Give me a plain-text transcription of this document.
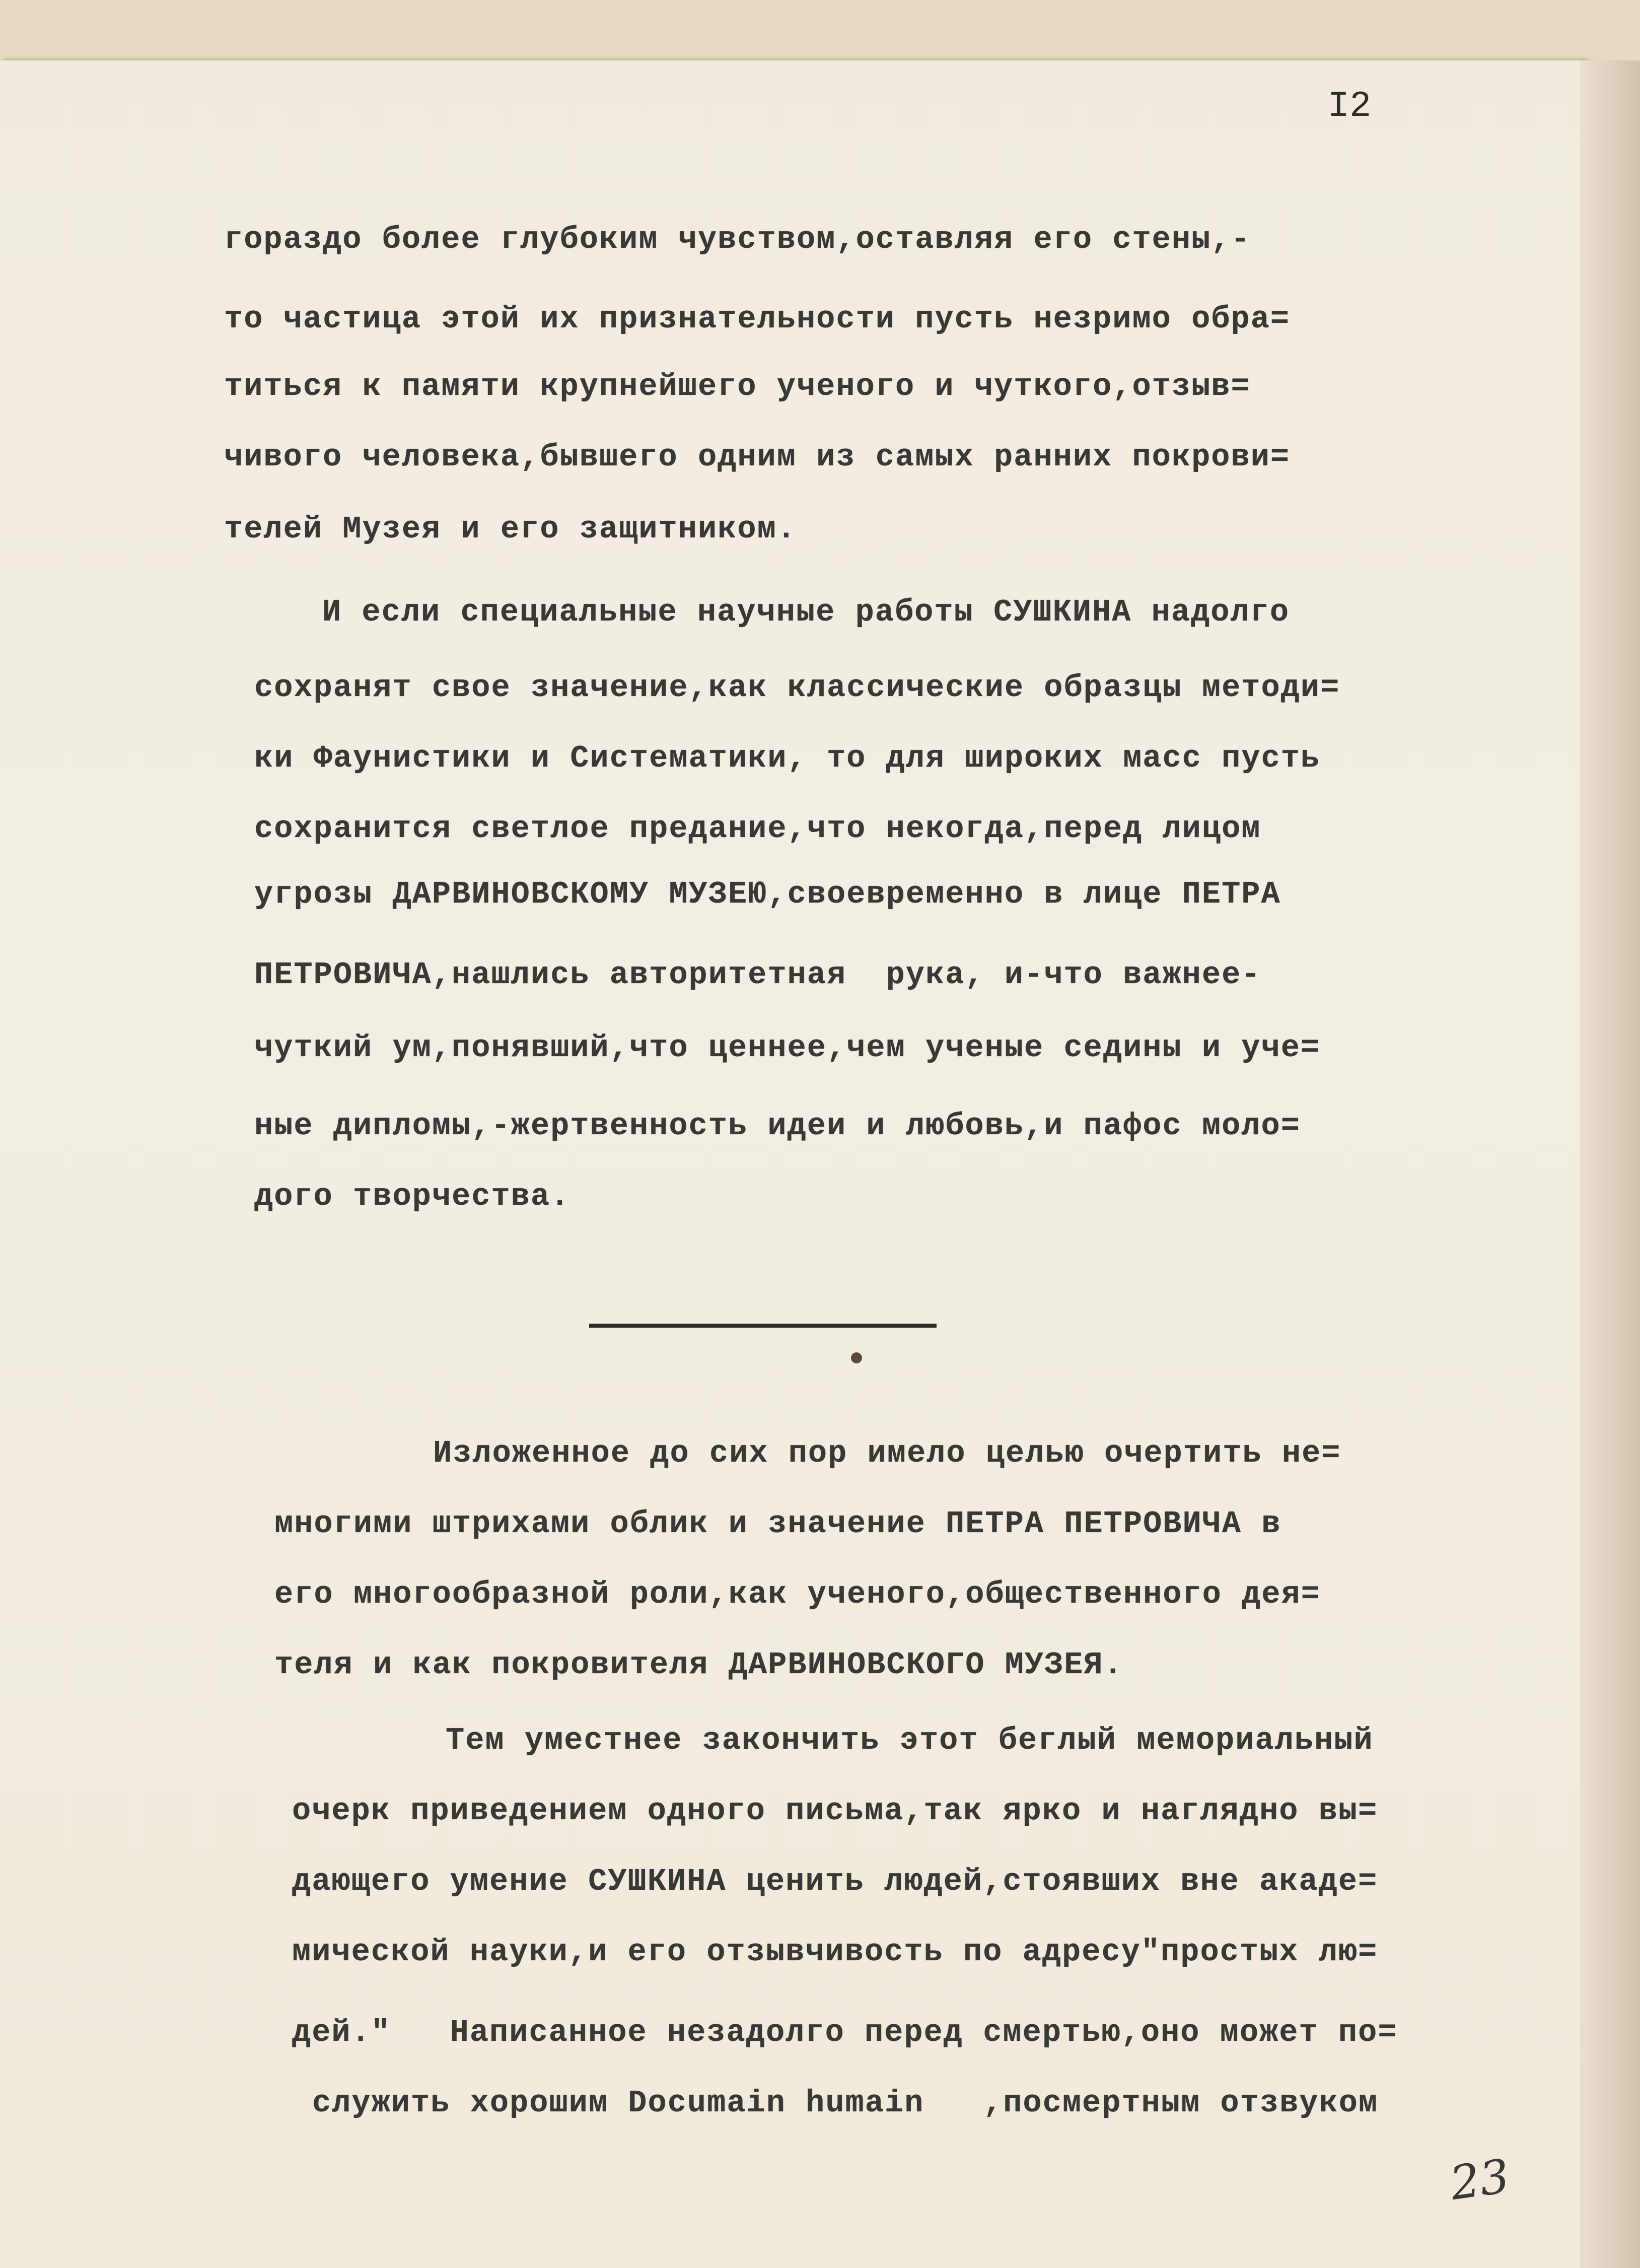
I2
гораздо более глубоким чувством,оставляя его стены,-
то частица этой их признательности пусть незримо обра=
титься к памяти крупнейшего ученого и чуткого,отзыв=
чивого человека,бывшего одним из самых ранних покрови=
телей Музея и его защитником.
И если специальные научные работы СУШКИНА надолго
сохранят свое значение,как классические образцы методи=
ки Фаунистики и Систематики, то для широких масс пусть
сохранится светлое предание,что некогда,перед лицом
угрозы ДАРВИНОВСКОМУ МУЗЕЮ,своевременно в лице ПЕТРА
ПЕТРОВИЧА,нашлись авторитетная  рука, и-что важнее-
чуткий ум,понявший,что ценнее,чем ученые седины и уче=
ные дипломы,-жертвенность идеи и любовь,и пафос моло=
дого творчества.
Изложенное до сих пор имело целью очертить не=
многими штрихами облик и значение ПЕТРА ПЕТРОВИЧА в
его многообразной роли,как ученого,общественного дея=
теля и как покровителя ДАРВИНОВСКОГО МУЗЕЯ.
Тем уместнее закончить этот беглый мемориальный
очерк приведением одного письма,так ярко и наглядно вы=
дающего умение СУШКИНА ценить людей,стоявших вне акаде=
мической науки,и его отзывчивость по адресу"простых лю=
дей."   Написанное незадолго перед смертью,оно может по=
служить хорошим Documain humain   ,посмертным отзвуком
23
